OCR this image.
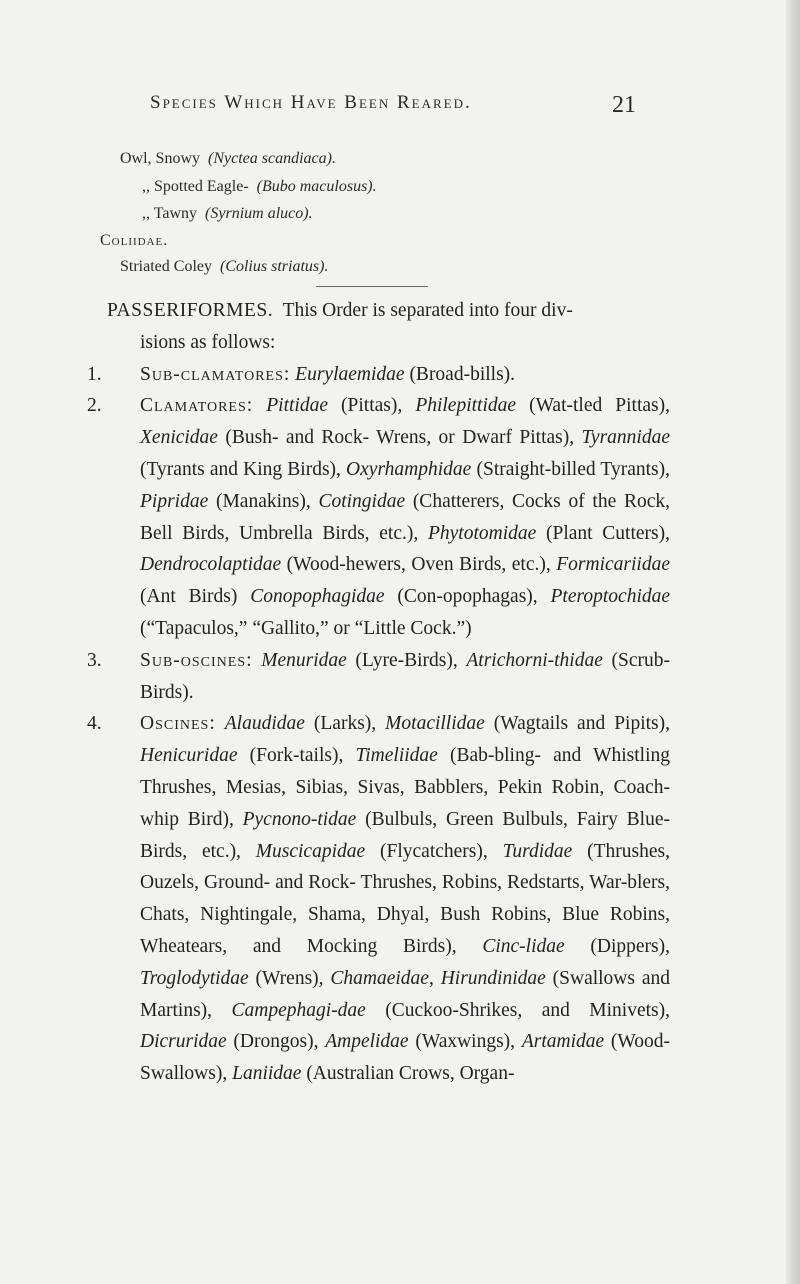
Species Which Have Been Reared.	21
Owl, Snowy (Nyctea scandiaca).
,, Spotted Eagle- (Bubo maculosus).
,, Tawny (Syrnium aluco).
Coliidae.
Striated Coley (Colius striatus).

PASSERIFORMES. This Order is separated into four div-

isions as follows:

1. Sub-clamatores: Eurylaemidae (Broad-bills).

2. Clamatores: Pittidae (Pittas), Philepittidae (Wat-tled Pittas), Xenicidae (Bush- and Rock- Wrens, or Dwarf Pittas), Tyrannidae (Tyrants and King Birds), Oxyrhamphidae (Straight-billed Tyrants), Pipridae (Manakins), Cotingidae (Chatterers, Cocks of the Rock, Bell Birds, Umbrella Birds, etc.), Phytotomidae (Plant Cutters), Dendrocolaptidae (Wood-hewers, Oven Birds, etc.), Formicariidae (Ant Birds) Conopophagidae (Con-opophagas), Pteroptochidae (“Tapaculos,” “Gallito,” or “Little Cock.”)

3. Sub-oscines: Menuridae (Lyre-Birds), Atrichorni-thidae (Scrub-Birds).

4. Oscines: Alaudidae (Larks), Motacillidae (Wagtails and Pipits), Henicuridae (Fork-tails), Timeliidae (Bab-bling- and Whistling Thrushes, Mesias, Sibias, Sivas, Babblers, Pekin Robin, Coach-whip Bird), Pycnono-tidae (Bulbuls, Green Bulbuls, Fairy Blue-Birds, etc.), Muscicapidae (Flycatchers), Turdidae (Thrushes, Ouzels, Ground- and Rock- Thrushes, Robins, Redstarts, War-blers, Chats, Nightingale, Shama, Dhyal, Bush Robins, Blue Robins, Wheatears, and Mocking Birds), Cinc-lidae (Dippers), Troglodytidae (Wrens), Chamaeidae, Hirundinidae (Swallows and Martins), Campephagi-dae (Cuckoo-Shrikes, and Minivets), Dicruridae (Drongos), Ampelidae (Waxwings), Artamidae (Wood-Swallows), Laniidae (Australian Crows, Organ-
